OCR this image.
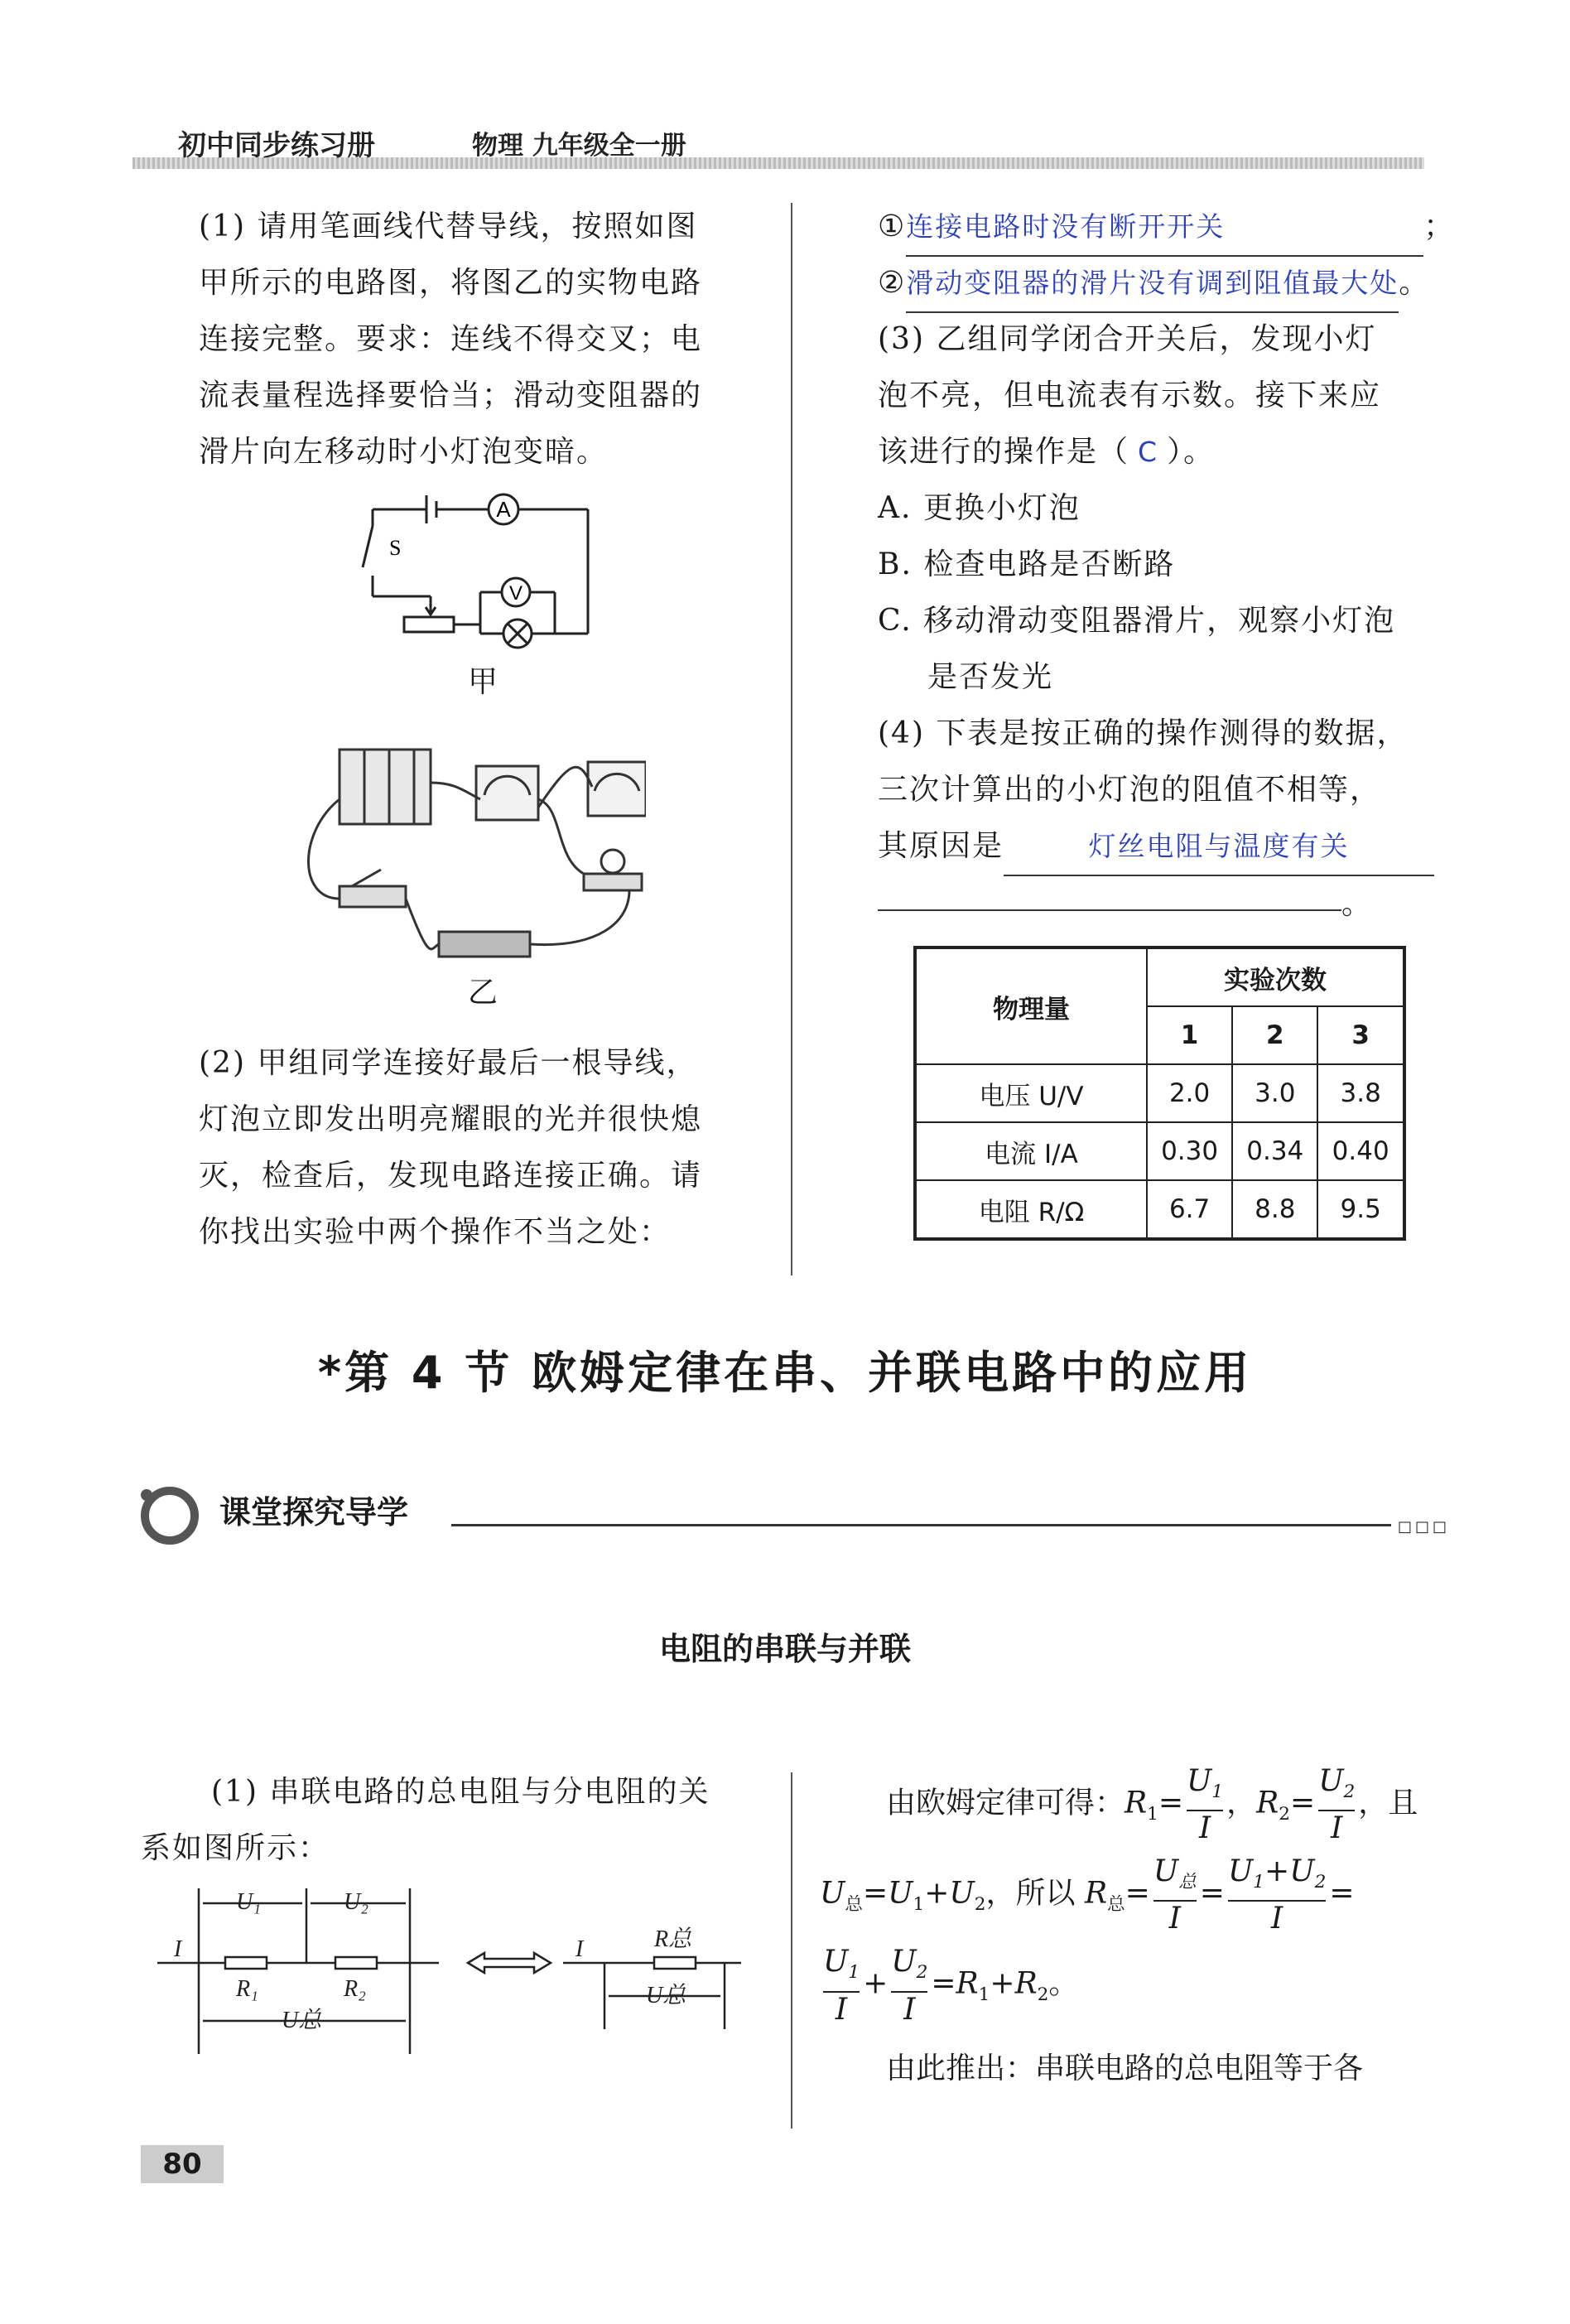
初中同步练习册	物理 九年级全一册
(1) 请用笔画线代替导线，按照如图
甲所示的电路图，将图乙的实物电路
连接完整。要求：连线不得交叉；电
流表量程选择要恰当；滑动变阻器的
滑片向左移动时小灯泡变暗。
A
V
S
甲
乙
(2) 甲组同学连接好最后一根导线，
灯泡立即发出明亮耀眼的光并很快熄
灭，检查后，发现电路连接正确。请
你找出实验中两个操作不当之处：
①连接电路时没有断开开关	；
②滑动变阻器的滑片没有调到阻值最大处。
(3) 乙组同学闭合开关后，发现小灯
泡不亮，但电流表有示数。接下来应
该进行的操作是（ C ）。
A. 更换小灯泡
B. 检查电路是否断路
C. 移动滑动变阻器滑片，观察小灯泡
是否发光
(4) 下表是按正确的操作测得的数据，
三次计算出的小灯泡的阻值不相等，
其原因是	灯丝电阻与温度有关
。
物理量	实验次数		
	1	2	3
电压 U/V	2.0	3.0	3.8
电流 I/A	0.30	0.34	0.40
电阻 R/Ω	6.7	8.8	9.5
*第 4 节 欧姆定律在串、并联电路中的应用
课堂探究导学	□□□
电阻的串联与并联
(1) 串联电路的总电阻与分电阻的关
系如图所示：
U₁	U₂
R₁	R₂
U总
I	I	R总
U总
由欧姆定律可得：$R_1= \frac{U_1}{I}$ ，$R_2= \frac{U_2}{I}$ ，且
$U_总=U_1+U_2$，所以 $R_总= \frac{U_总}{I} = \frac{U_1+U_2}{I}$ =
$\frac{U_1}{I} + \frac{U_2}{I} =R_1+R_2$。
由此推出：串联电路的总电阻等于各
80
